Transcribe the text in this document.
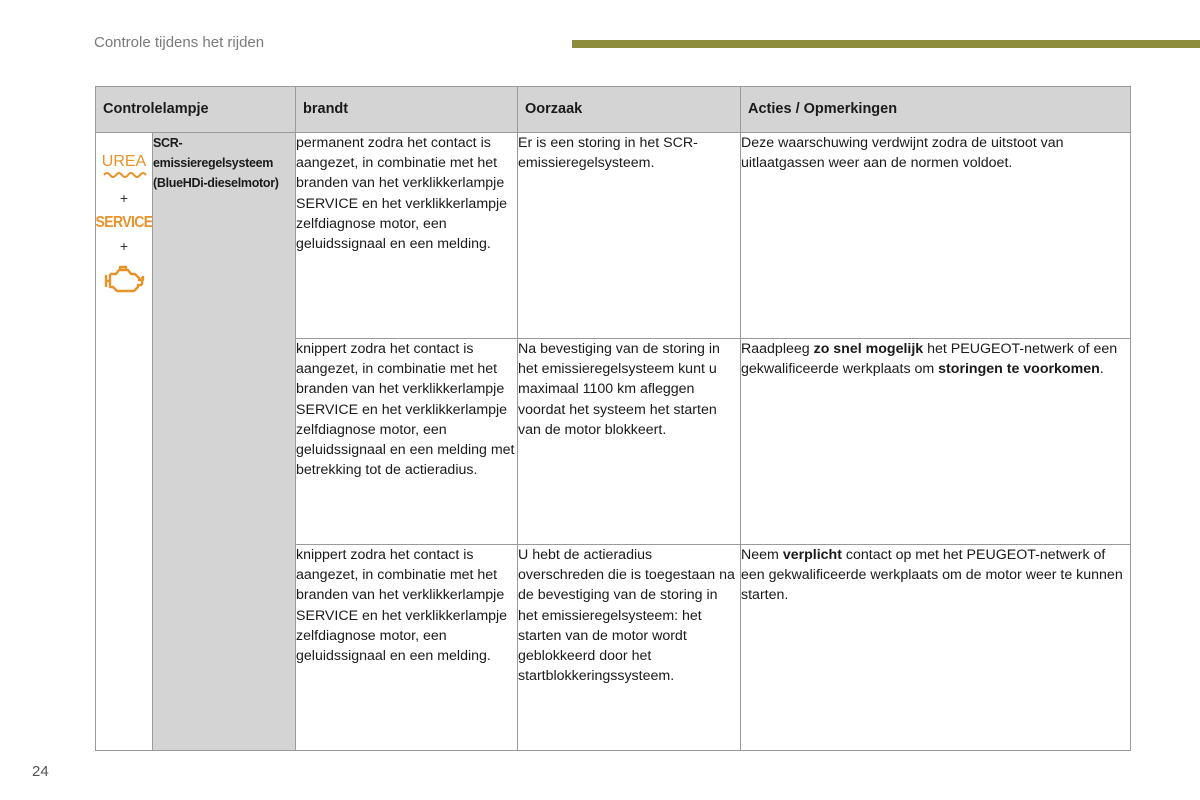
Controle tijdens het rijden
Controlelampje		brandt	Oorzaak	Acties / Opmerkingen

UREA
+
SERVICE
+	SCR-emissieregelsysteem (BlueHDi-dieselmotor)	permanent zodra het contact is aangezet, in combinatie met het branden van het verklikkerlampje SERVICE en het verklikkerlampje zelfdiagnose motor, een geluidssignaal en een melding.	Er is een storing in het SCR-emissieregelsysteem.	Deze waarschuwing verdwijnt zodra de uitstoot van uitlaatgassen weer aan de normen voldoet.
		knippert zodra het contact is aangezet, in combinatie met het branden van het verklikkerlampje SERVICE en het verklikkerlampje zelfdiagnose motor, een geluidssignaal en een melding met betrekking tot de actieradius.	Na bevestiging van de storing in het emissieregelsysteem kunt u maximaal 1100 km afleggen voordat het systeem het starten van de motor blokkeert.	Raadpleeg zo snel mogelijk het PEUGEOT-netwerk of een gekwalificeerde werkplaats om storingen te voorkomen.
		knippert zodra het contact is aangezet, in combinatie met het branden van het verklikkerlampje SERVICE en het verklikkerlampje zelfdiagnose motor, een geluidssignaal en een melding.	U hebt de actieradius overschreden die is toegestaan na de bevestiging van de storing in het emissieregelsysteem: het starten van de motor wordt geblokkeerd door het startblokkeringssysteem.	Neem verplicht contact op met het PEUGEOT-netwerk of een gekwalificeerde werkplaats om de motor weer te kunnen starten.
24
